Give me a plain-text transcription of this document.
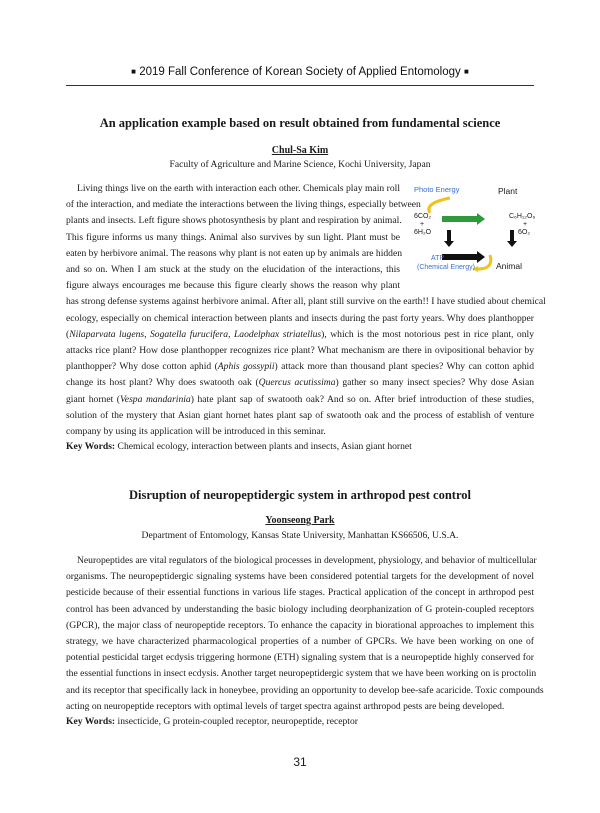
■ 2019 Fall Conference of Korean Society of Applied Entomology ■
An application example based on result obtained from fundamental science
Chul-Sa Kim
Faculty of Agriculture and Marine Science, Kochi University, Japan
Living things live on the earth with interaction each other. Chemicals play main roll
of the interaction, and mediate the interactions between the living things, especially between
plants and insects. Left figure shows photosynthesis by plant and respiration by animal.
This figure informs us many things. Animal also survives by sun light. Plant must be
eaten by herbivore animal. The reasons why plant is not eaten up by animals are hidden
and so on. When I am stuck at the study on the elucidation of the interactions, this
figure always encourages me because this figure clearly shows the reason why plant
has strong defense systems against herbivore animal. After all, plant still survive on the earth!! I have studied about chemical
ecology, especially on chemical interaction between plants and insects during the past forty years. Why does planthopper
(Nilaparvata lugens, Sogatella furucifera, Laodelphax striatellus), which is the most notorious pest in rice plant, only
attacks rice plant? How dose planthopper recognizes rice plant? What mechanism are there in ovipositional behavior by
planthopper? Why dose cotton aphid (Aphis gossypii) attack more than thousand plant species? Why can cotton aphid
change its host plant? Why does swatooth oak (Quercus acutissima) gather so many insect species? Why dose Asian
giant hornet (Vespa mandarinia) hate plant sap of swatooth oak? And so on. After brief introduction of these studies,
solution of the mystery that Asian giant hornet hates plant sap of swatooth oak and the process of establish of venture
company by using its application will be introduced in this seminar.
Key Words: Chemical ecology, interaction between plants and insects, Asian giant hornet
Photo Energy	Plant
6CO₂
+
6H₂O
C₆H₁₂O₆
+
6O₂
ATP
(Chemical Energy) Animal
Disruption of neuropeptidergic system in arthropod pest control
Yoonseong Park
Department of Entomology, Kansas State University, Manhattan KS66506, U.S.A.
Neuropeptides are vital regulators of the biological processes in development, physiology, and behavior of multicellular
organisms. The neuropeptidergic signaling systems have been considered potential targets for the development of novel
pesticide because of their essential functions in various life stages. Practical application of the concept in arthropod pest
control has been advanced by understanding the basic biology including deorphanization of G protein-coupled receptors
(GPCR), the major class of neuropeptide receptors. To enhance the capacity in biorational approaches to implement this
strategy, we have characterized pharmacological properties of a number of GPCRs. We have been working on one of
potential pesticidal target ecdysis triggering hormone (ETH) signaling system that is a neuropeptide highly conserved for
the essential functions in insect ecdysis. Another target neuropeptidergic system that we have been working on is proctolin
and its receptor that specifically lack in honeybee, providing an opportunity to develop bee-safe acaricide. Toxic compounds
acting on neuropeptide receptors with optimal levels of target spectra against arthropod pests are being developed.
Key Words: insecticide, G protein-coupled receptor, neuropeptide, receptor
31
